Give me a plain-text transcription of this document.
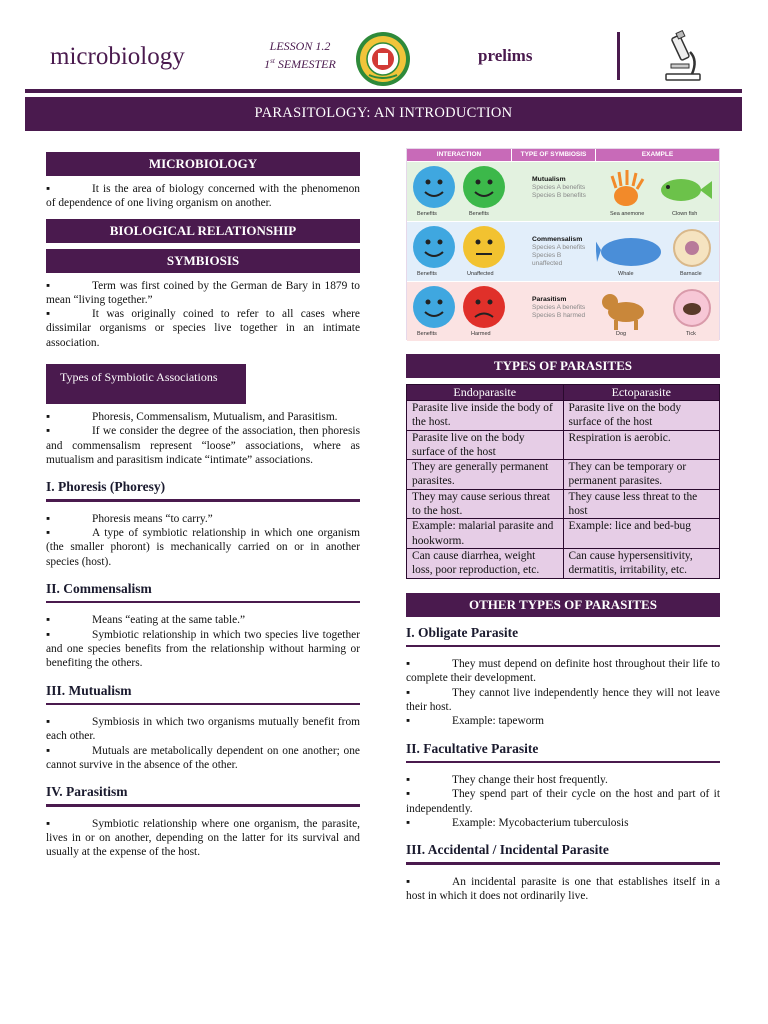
microbiology	LESSON 1.2
1st SEMESTER	prelims
PARASITOLOGY: AN INTRODUCTION
MICROBIOLOGY

▪	It is the area of biology concerned with the phenomenon of dependence of one living organism on another.

BIOLOGICAL RELATIONSHIP
SYMBIOSIS

▪	Term was first coined by the German de Bary in 1879 to mean “living together.”

▪	It was originally coined to refer to all cases where dissimilar organisms or species live together in an intimate association.

Types of Symbiotic Associations

▪	Phoresis, Commensalism, Mutualism, and Parasitism.

▪	If we consider the degree of the association, then phoresis and commensalism represent “loose” associations, where as mutualism and parasitism indicate “intimate” associations.

I. Phoresis (Phoresy)

▪	Phoresis means “to carry.”

▪	A type of symbiotic relationship in which one organism (the smaller phoront) is mechanically carried on or in another species (host).

II. Commensalism

▪	Means “eating at the same table.”

▪	Symbiotic relationship in which two species live together and one species benefits from the relationship without harming or benefiting the others.

III. Mutualism

▪	Symbiosis in which two organisms mutually benefit from each other.

▪	Mutuals are metabolically dependent on one another; one cannot survive in the absence of the other.

IV. Parasitism

▪	Symbiotic relationship where one organism, the parasite, lives in or on another, depending on the latter for its survival and usually at the expense of the host.

INTERACTION	TYPE OF SYMBIOSIS	EXAMPLE
Benefits	Benefits
Mutualism
Species A benefits
Species B benefits
Sea anemone	Clown fish
Benefits	Unaffected
Commensalism
Species A benefits
Species B unaffected
Whale	Barnacle
Benefits	Harmed
Parasitism
Species A benefits
Species B harmed
Dog	Tick
TYPES OF PARASITES
Endoparasite	Ectoparasite
Parasite live inside the body of the host.	Parasite live on the body surface of the host
Parasite live on the body surface of the host	Respiration is aerobic.
They are generally permanent parasites.	They can be temporary or permanent parasites.
They may cause serious threat to the host.	They cause less threat to the host
Example: malarial parasite and hookworm.	Example: lice and bed-bug
Can cause diarrhea, weight loss, poor reproduction, etc.	Can cause hypersensitivity, dermatitis, irritability, etc.
OTHER TYPES OF PARASITES
I. Obligate Parasite

▪	They must depend on definite host throughout their life to complete their development.

▪	They cannot live independently hence they will not leave their host.

▪	Example: tapeworm

II. Facultative Parasite

▪	They change their host frequently.

▪	They spend part of their cycle on the host and part of it independently.

▪	Example: Mycobacterium tuberculosis

III. Accidental / Incidental Parasite

▪	An incidental parasite is one that establishes itself in a host in which it does not ordinarily live.
